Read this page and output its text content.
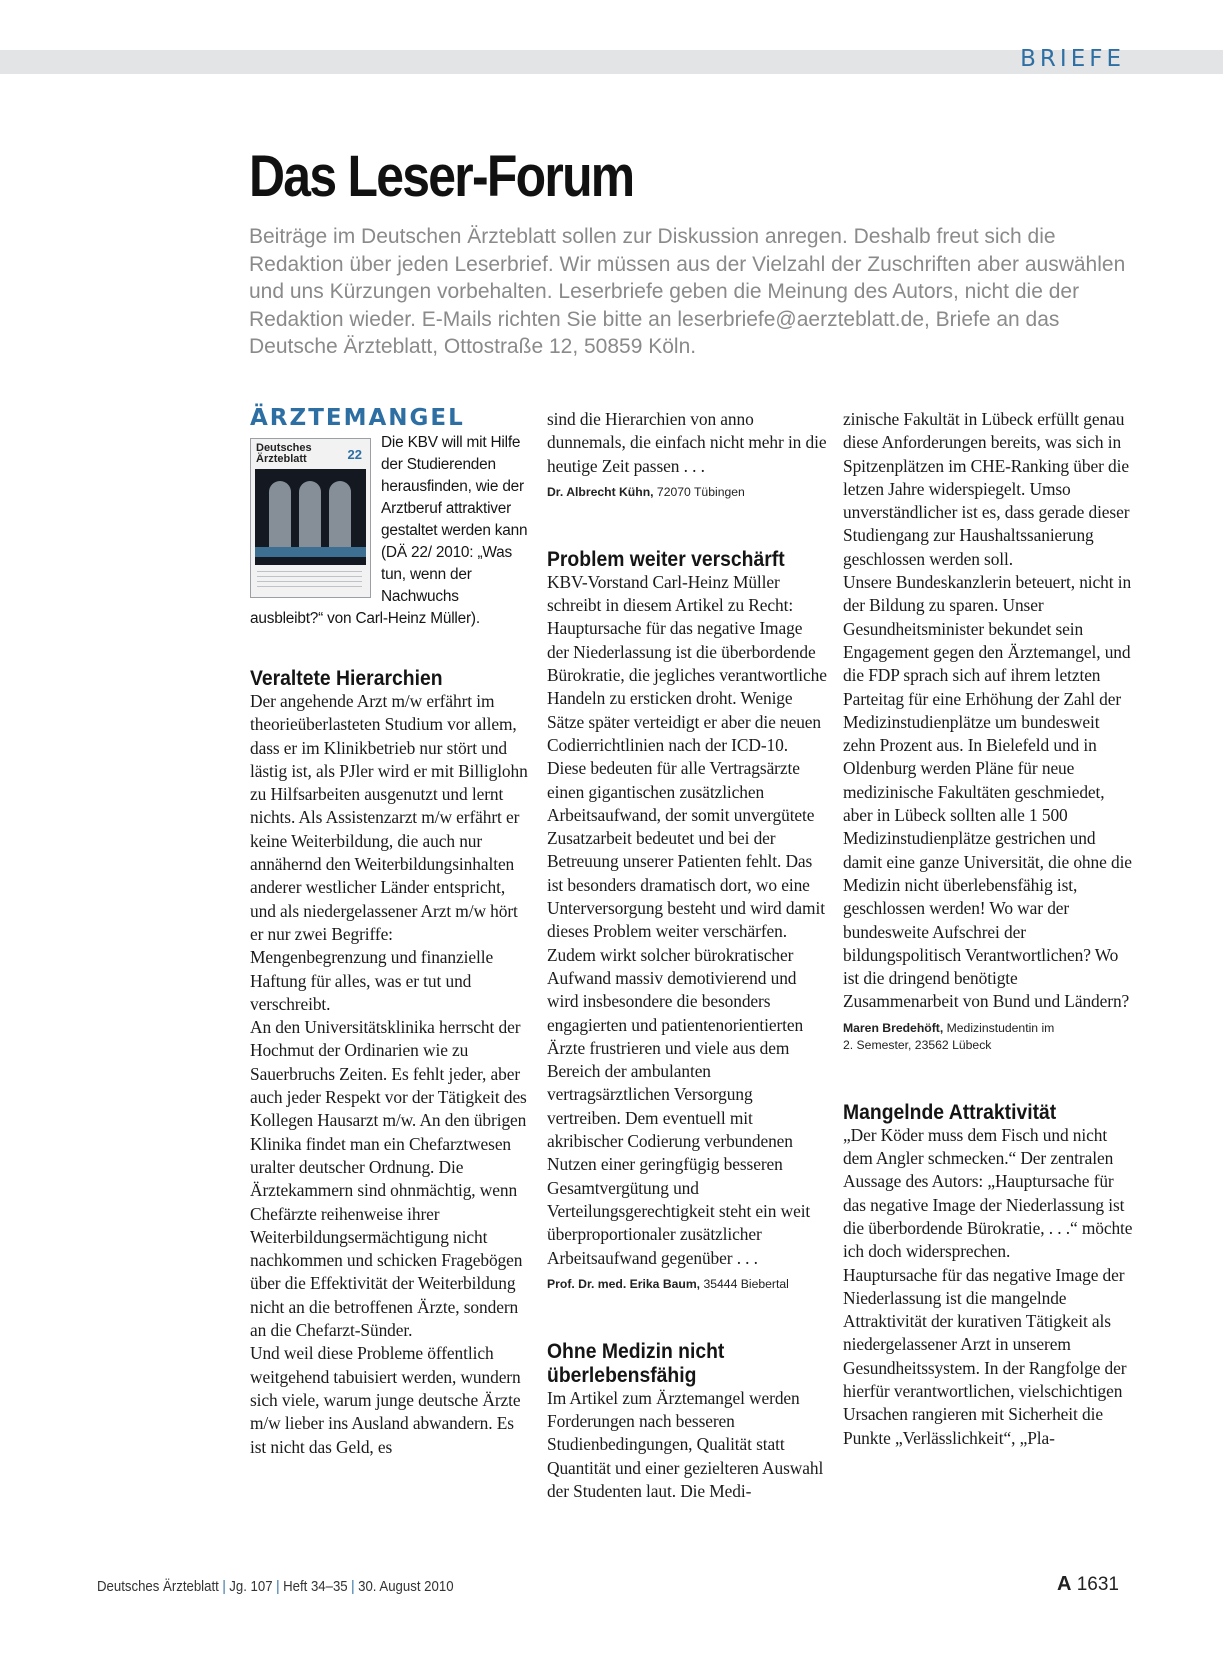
BRIEFE
Das Leser-Forum

Beiträge im Deutschen Ärzteblatt sollen zur Diskussion anregen. Deshalb freut sich die Redaktion über jeden Leserbrief. Wir müssen aus der Vielzahl der Zuschriften aber auswählen und uns Kürzungen vorbehalten. Leserbriefe geben die Meinung des Autors, nicht die der Redaktion wieder. E-Mails richten Sie bitte an leserbriefe@aerzteblatt.de, Briefe an das Deutsche Ärzteblatt, Ottostraße 12, 50859 Köln.

ÄRZTEMANGEL
Deutsches
Ärzteblatt	22

Die KBV will mit Hilfe der Studierenden herausfinden, wie der Arztberuf attraktiver gestaltet werden kann (DÄ 22/ 2010: „Was tun, wenn der Nachwuchs ausbleibt?“ von Carl-Heinz Müller).

Veraltete Hierarchien

Der angehende Arzt m/w erfährt im theorieüberlasteten Studium vor allem, dass er im Klinikbetrieb nur stört und lästig ist, als PJler wird er mit Billiglohn zu Hilfsarbeiten ausgenutzt und lernt nichts. Als Assistenzarzt m/w erfährt er keine Weiterbildung, die auch nur annähernd den Weiterbildungsinhalten anderer westlicher Länder entspricht, und als niedergelassener Arzt m/w hört er nur zwei Begriffe: Mengenbegrenzung und finanzielle Haftung für alles, was er tut und verschreibt.

An den Universitätsklinika herrscht der Hochmut der Ordinarien wie zu Sauerbruchs Zeiten. Es fehlt jeder, aber auch jeder Respekt vor der Tätigkeit des Kollegen Hausarzt m/w. An den übrigen Klinika findet man ein Chefarztwesen uralter deutscher Ordnung. Die Ärztekammern sind ohnmächtig, wenn Chefärzte reihenweise ihrer Weiterbildungsermächtigung nicht nachkommen und schicken Fragebögen über die Effektivität der Weiterbildung nicht an die betroffenen Ärzte, sondern an die Chefarzt-Sünder.

Und weil diese Probleme öffentlich weitgehend tabuisiert werden, wundern sich viele, warum junge deutsche Ärzte m/w lieber ins Ausland abwandern. Es ist nicht das Geld, es

sind die Hierarchien von anno dunnemals, die einfach nicht mehr in die heutige Zeit passen . . .

Dr. Albrecht Kühn, 72070 Tübingen

Problem weiter verschärft

KBV-Vorstand Carl-Heinz Müller schreibt in diesem Artikel zu Recht: Hauptursache für das negative Image der Niederlassung ist die überbordende Bürokratie, die jegliches verantwortliche Handeln zu ersticken droht. Wenige Sätze später verteidigt er aber die neuen Codierrichtlinien nach der ICD-10.

Diese bedeuten für alle Vertragsärzte einen gigantischen zusätzlichen Arbeitsaufwand, der somit unvergütete Zusatzarbeit bedeutet und bei der Betreuung unserer Patienten fehlt. Das ist besonders dramatisch dort, wo eine Unterversorgung besteht und wird damit dieses Problem weiter verschärfen. Zudem wirkt solcher bürokratischer Aufwand massiv demotivierend und wird insbesondere die besonders engagierten und patientenorientierten Ärzte frustrieren und viele aus dem Bereich der ambulanten vertragsärztlichen Versorgung vertreiben. Dem eventuell mit akribischer Codierung verbundenen Nutzen einer geringfügig besseren Gesamtvergütung und Verteilungsgerechtigkeit steht ein weit überproportionaler zusätzlicher Arbeitsaufwand gegenüber . . .

Prof. Dr. med. Erika Baum, 35444 Biebertal

Ohne Medizin nicht
überlebensfähig

Im Artikel zum Ärztemangel werden Forderungen nach besseren Studienbedingungen, Qualität statt Quantität und einer gezielteren Auswahl der Studenten laut. Die Medi-

zinische Fakultät in Lübeck erfüllt genau diese Anforderungen bereits, was sich in Spitzenplätzen im CHE-Ranking über die letzen Jahre widerspiegelt. Umso unverständlicher ist es, dass gerade dieser Studiengang zur Haushaltssanierung geschlossen werden soll.

Unsere Bundeskanzlerin beteuert, nicht in der Bildung zu sparen. Unser Gesundheitsminister bekundet sein Engagement gegen den Ärztemangel, und die FDP sprach sich auf ihrem letzten Parteitag für eine Erhöhung der Zahl der Medizinstudienplätze um bundesweit zehn Prozent aus. In Bielefeld und in Oldenburg werden Pläne für neue medizinische Fakultäten geschmiedet, aber in Lübeck sollten alle 1 500 Medizinstudienplätze gestrichen und damit eine ganze Universität, die ohne die Medizin nicht überlebensfähig ist, geschlossen werden! Wo war der bundesweite Aufschrei der bildungspolitisch Verantwortlichen? Wo ist die dringend benötigte Zusammenarbeit von Bund und Ländern?

Maren Bredehöft, Medizinstudentin im
2. Semester, 23562 Lübeck

Mangelnde Attraktivität

„Der Köder muss dem Fisch und nicht dem Angler schmecken.“ Der zentralen Aussage des Autors: „Hauptursache für das negative Image der Niederlassung ist die überbordende Bürokratie, . . .“ möchte ich doch widersprechen.

Hauptursache für das negative Image der Niederlassung ist die mangelnde Attraktivität der kurativen Tätigkeit als niedergelassener Arzt in unserem Gesundheitssystem. In der Rangfolge der hierfür verantwortlichen, vielschichtigen Ursachen rangieren mit Sicherheit die Punkte „Verlässlichkeit“, „Pla-

Deutsches Ärzteblatt | Jg. 107 | Heft 34–35 | 30. August 2010	A 1631
